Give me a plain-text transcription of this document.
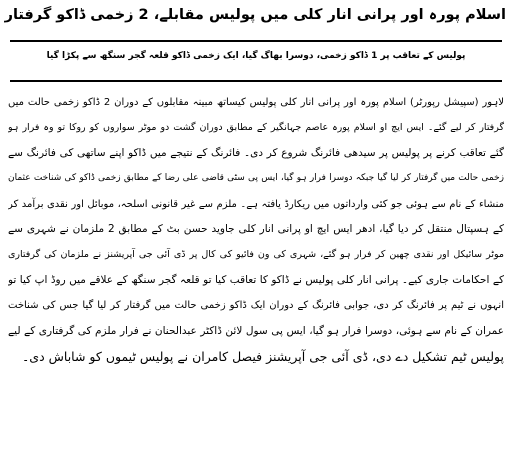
اسلام پورہ اور پرانی انار کلی میں پولیس مقابلے، 2 زخمی ڈاکو گرفتار
پولیس کے تعاقب پر 1 ڈاکو زخمی، دوسرا بھاگ گیا، ایک زخمی ڈاکو قلعہ گجر سنگھ سے پکڑا گیا
لاہور (سپیشل رپورٹر) اسلام پورہ اور پرانی انار کلی پولیس کیساتھ مبینہ مقابلوں کے دوران 2 ڈاکو زخمی حالت میں
گرفتار کر لیے گئے۔ ایس ایچ او اسلام پورہ عاصم جہانگیر کے مطابق دوران گشت دو موٹر سواروں کو روکا تو وہ فرار ہو
گئے تعاقب کرنے پر پولیس پر سیدھی فائرنگ شروع کر دی۔ فائرنگ کے نتیجے میں ڈاکو اپنے ساتھی کی فائرنگ سے
زخمی حالت میں گرفتار کر لیا گیا جبکہ دوسرا فرار ہو گیا، ایس پی سٹی قاضی علی رضا کے مطابق زخمی ڈاکو کی شناخت عثمان
منشاء کے نام سے ہوئی جو کئی وارداتوں میں ریکارڈ یافتہ ہے۔ ملزم سے غیر قانونی اسلحہ، موبائل اور نقدی برآمد کر
کے ہسپتال منتقل کر دیا گیا، ادھر ایس ایچ او پرانی انار کلی جاوید حسن بٹ کے مطابق 2 ملزمان نے شہری سے
موٹر سائیکل اور نقدی چھین کر فرار ہو گئے، شہری کی ون فائیو کی کال پر ڈی آئی جی آپریشنز نے ملزمان کی گرفتاری
کے احکامات جاری کیے۔ پرانی انار کلی پولیس نے ڈاکو کا تعاقب کیا تو قلعہ گجر سنگھ کے علاقے میں روڈ اپ کیا تو
انہوں نے ٹیم پر فائرنگ کر دی، جوابی فائرنگ کے دوران ایک ڈاکو زخمی حالت میں گرفتار کر لیا گیا جس کی شناخت
عمران کے نام سے ہوئی، دوسرا فرار ہو گیا، ایس پی سول لائن ڈاکٹر عبدالحنان نے فرار ملزم کی گرفتاری کے لیے
پولیس ٹیم تشکیل دے دی، ڈی آئی جی آپریشنز فیصل کامران نے پولیس ٹیموں کو شاباش دی۔
